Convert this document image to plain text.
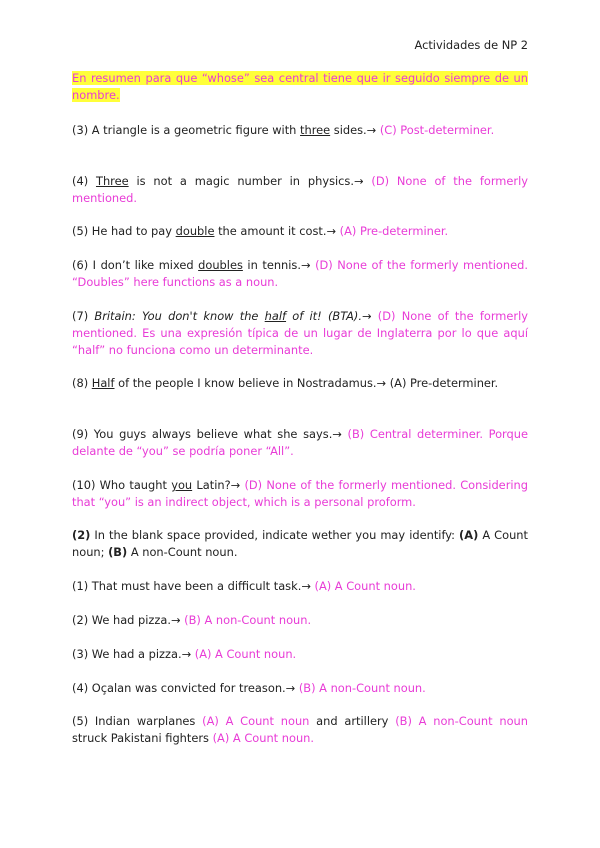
Actividades de NP 2

En resumen para que “whose” sea central tiene que ir seguido siempre de un nombre.

(3) A triangle is a geometric figure with three sides.→ (C) Post-determiner.

(4) Three is not a magic number in physics.→ (D) None of the formerly mentioned.

(5) He had to pay double the amount it cost.→ (A) Pre-determiner.

(6) I don’t like mixed doubles in tennis.→ (D) None of the formerly mentioned. “Doubles” here functions as a noun.

(7) Britain: You don't know the half of it! (BTA).→ (D) None of the formerly mentioned. Es una expresión típica de un lugar de Inglaterra por lo que aquí “half” no funciona como un determinante.

(8) Half of the people I know believe in Nostradamus.→ (A) Pre-determiner.

(9) You guys always believe what she says.→ (B) Central determiner. Porque delante de “you” se podría poner “All”.

(10) Who taught you Latin?→ (D) None of the formerly mentioned. Considering that “you” is an indirect object, which is a personal proform.

(2) In the blank space provided, indicate wether you may identify: (A) A Count noun; (B) A non-Count noun.

(1) That must have been a difficult task.→ (A) A Count noun.

(2) We had pizza.→ (B) A non-Count noun.

(3) We had a pizza.→ (A) A Count noun.

(4) Oçalan was convicted for treason.→ (B) A non-Count noun.

(5) Indian warplanes (A) A Count noun and artillery (B) A non-Count noun struck Pakistani fighters (A) A Count noun.
